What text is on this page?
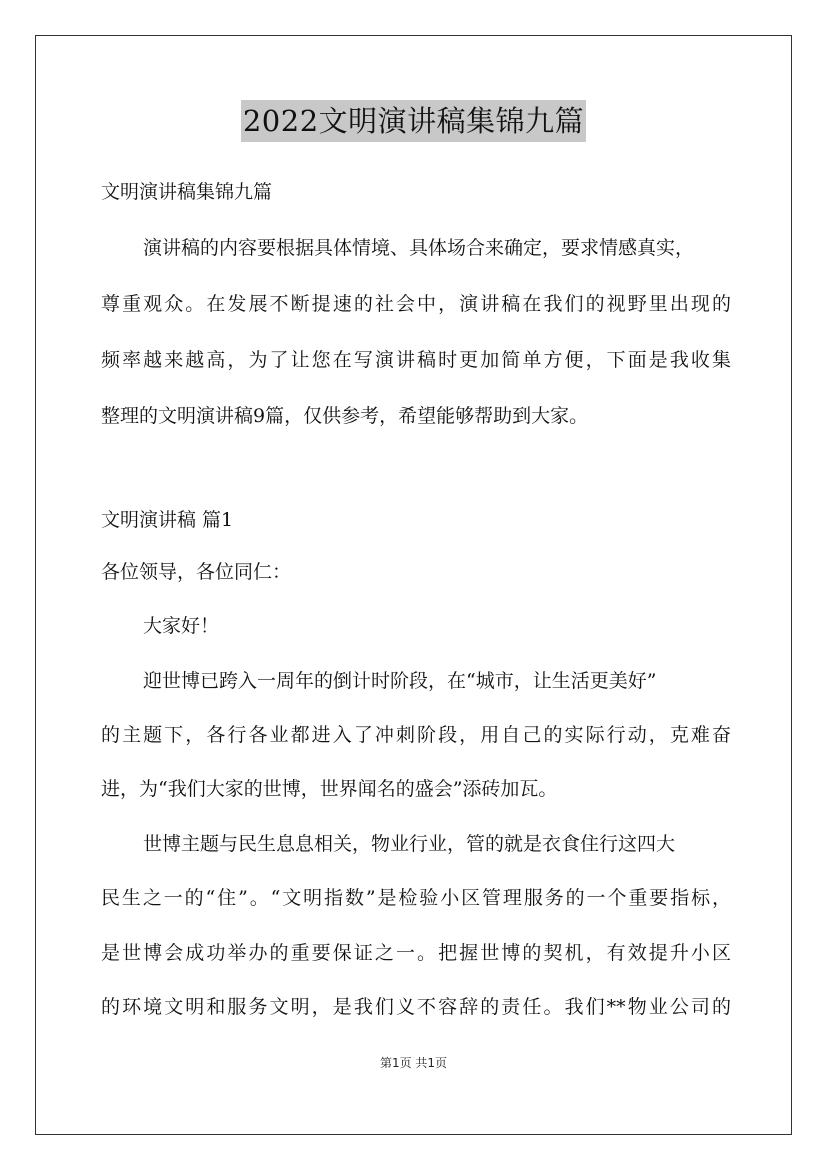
2022文明演讲稿集锦九篇
文明演讲稿集锦九篇
演讲稿的内容要根据具体情境、具体场合来确定，要求情感真实，
尊重观众。在发展不断提速的社会中，演讲稿在我们的视野里出现的
频率越来越高，为了让您在写演讲稿时更加简单方便，下面是我收集
整理的文明演讲稿9篇，仅供参考，希望能够帮助到大家。
文明演讲稿 篇1
各位领导，各位同仁：
大家好！
迎世博已跨入一周年的倒计时阶段，在“城市，让生活更美好”
的主题下，各行各业都进入了冲刺阶段，用自己的实际行动，克难奋
进，为“我们大家的世博，世界闻名的盛会”添砖加瓦。
世博主题与民生息息相关，物业行业，管的就是衣食住行这四大
民生之一的“住”。“文明指数”是检验小区管理服务的一个重要指标，
是世博会成功举办的重要保证之一。把握世博的契机，有效提升小区
的环境文明和服务文明，是我们义不容辞的责任。我们**物业公司的
第1页 共1页
